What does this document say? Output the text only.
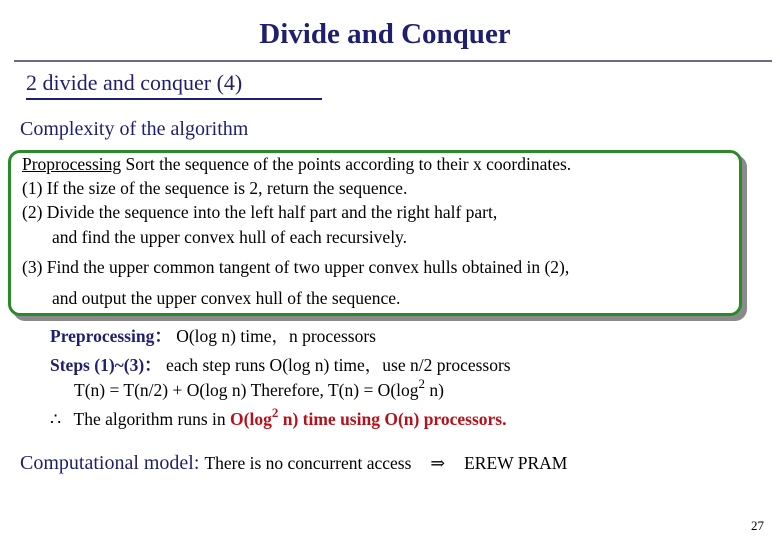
Divide and Conquer
2 divide and conquer (4)
Complexity of the algorithm
Proprocessing Sort the sequence of the points according to their x coordinates.
(1) If the size of the sequence is 2, return the sequence.
(2) Divide the sequence into the left half part and the right half part,
and find the upper convex hull of each recursively.
(3) Find the upper common tangent of two upper convex hulls obtained in (2),
and output the upper convex hull of the sequence.
Preprocessing： O(log n) time，n processors
Steps (1)~(3)： each step runs O(log n) time，use n/2 processors
T(n) = T(n/2) + O(log n) Therefore, $T(n) = O(\log^2$ n)
∴ The algorithm runs in $O(\log^2$ n) time using O(n) processors.
Computational model: There is no concurrent access ⇒ EREW PRAM
27
